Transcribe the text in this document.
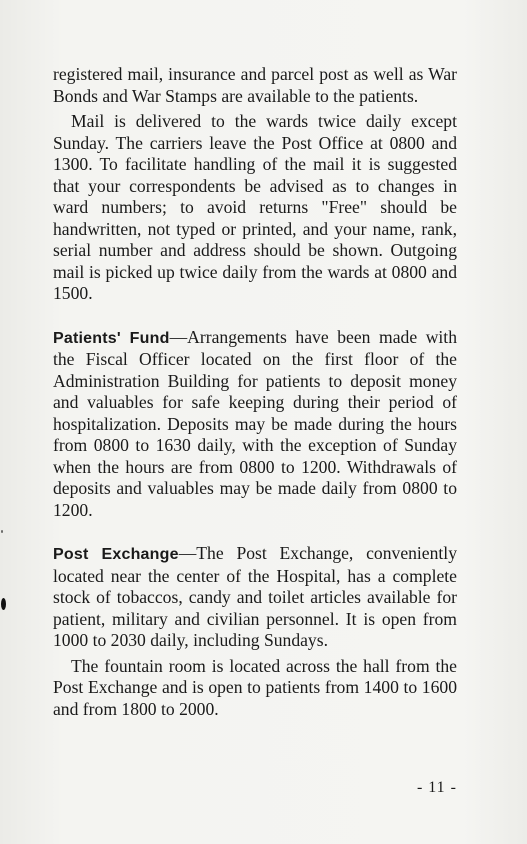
registered mail, insurance and parcel post as well as War Bonds and War Stamps are available to the patients.

Mail is delivered to the wards twice daily except Sunday. The carriers leave the Post Office at 0800 and 1300. To facilitate handling of the mail it is suggested that your correspondents be advised as to changes in ward numbers; to avoid returns "Free" should be handwritten, not typed or printed, and your name, rank, serial number and address should be shown. Outgoing mail is picked up twice daily from the wards at 0800 and 1500.

Patients' Fund—Arrangements have been made with the Fiscal Officer located on the first floor of the Administration Building for patients to deposit money and valuables for safe keeping during their period of hospitalization. Deposits may be made during the hours from 0800 to 1630 daily, with the exception of Sunday when the hours are from 0800 to 1200. Withdrawals of deposits and valuables may be made daily from 0800 to 1200.

Post Exchange—The Post Exchange, conveniently located near the center of the Hospital, has a complete stock of tobaccos, candy and toilet articles available for patient, military and civilian personnel. It is open from 1000 to 2030 daily, including Sundays.

The fountain room is located across the hall from the Post Exchange and is open to patients from 1400 to 1600 and from 1800 to 2000.

- 11 -
